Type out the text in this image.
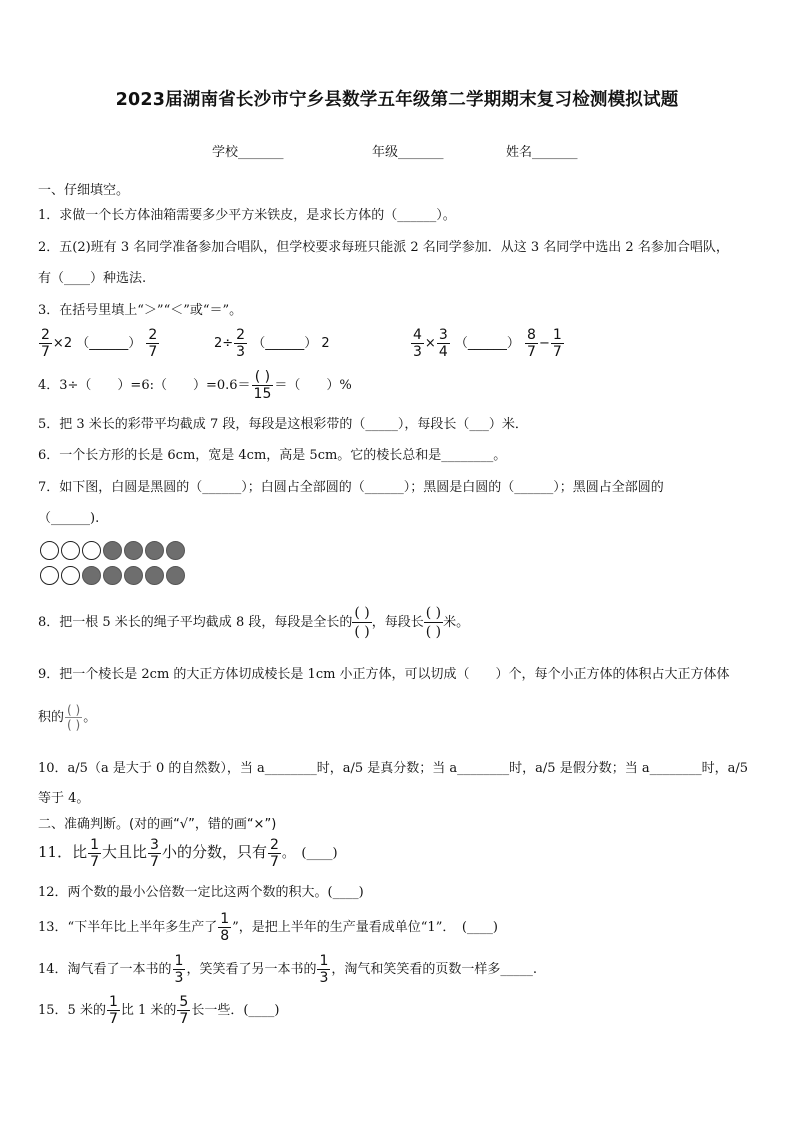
2023届湖南省长沙市宁乡县数学五年级第二学期期末复习检测模拟试题
学校_______	年级_______	姓名_______
一、仔细填空。
1．求做一个长方体油箱需要多少平方米铁皮，是求长方体的（______）。
2．五(2)班有 3 名同学准备参加合唱队，但学校要求每班只能派 2 名同学参加．从这 3 名同学中选出 2 名参加合唱队，
有（____）种选法.
3．在括号里填上“＞”“＜”或“＝”。
$\frac{2}{7} \times 2$ （______） $\frac{2}{7}$	$2\div \frac{2}{3}$ （______） 2	$\frac{4}{3} \times \frac{3}{4}$ （______） $\frac{8}{7} - \frac{1}{7}$
4．3÷（　　）=6:（　　）$=0.6= \frac{( )}{15}$ ＝（　　）%
5．把 3 米长的彩带平均截成 7 段，每段是这根彩带的（_____），每段长（___）米．
6．一个长方形的长是 6cm，宽是 4cm，高是 5cm。它的棱长总和是________。
7．如下图，白圆是黑圆的（______）；白圆占全部圆的（______）；黑圆是白圆的（______）；黑圆占全部圆的
（______).
8．把一根 5 米长的绳子平均截成 8 段，每段是全长的 $\frac{( )}{( )}$ ，每段长 $\frac{( )}{( )}$ 米。
9．把一个棱长是 2cm 的大正方体切成棱长是 1cm 小正方体，可以切成（　　）个，每个小正方体的体积占大正方体体
积的 $\frac{( )}{( )}$ 。
10．a/5（a 是大于 0 的自然数），当 a________时，a/5 是真分数；当 a________时，a/5 是假分数；当 a________时，a/5
等于 4。
二、准确判断。(对的画“√”，错的画“×”)
11．比 $\frac{1}{7}$ 大且比 $\frac{3}{7}$ 小的分数，只有 $\frac{2}{7}$ 。　(____)
12．两个数的最小公倍数一定比这两个数的积大。(____)
13．“下半年比上半年多生产了 $\frac{1}{8}$ ”，是把上半年的生产量看成单位“1”．　(____)
14．淘气看了一本书的 $\frac{1}{3}$ ，笑笑看了另一本书的 $\frac{1}{3}$ ，淘气和笑笑看的页数一样多_____.
15．5 米的 $\frac{1}{7}$ 比 1 米的 $\frac{5}{7}$ 长一些．(____)
